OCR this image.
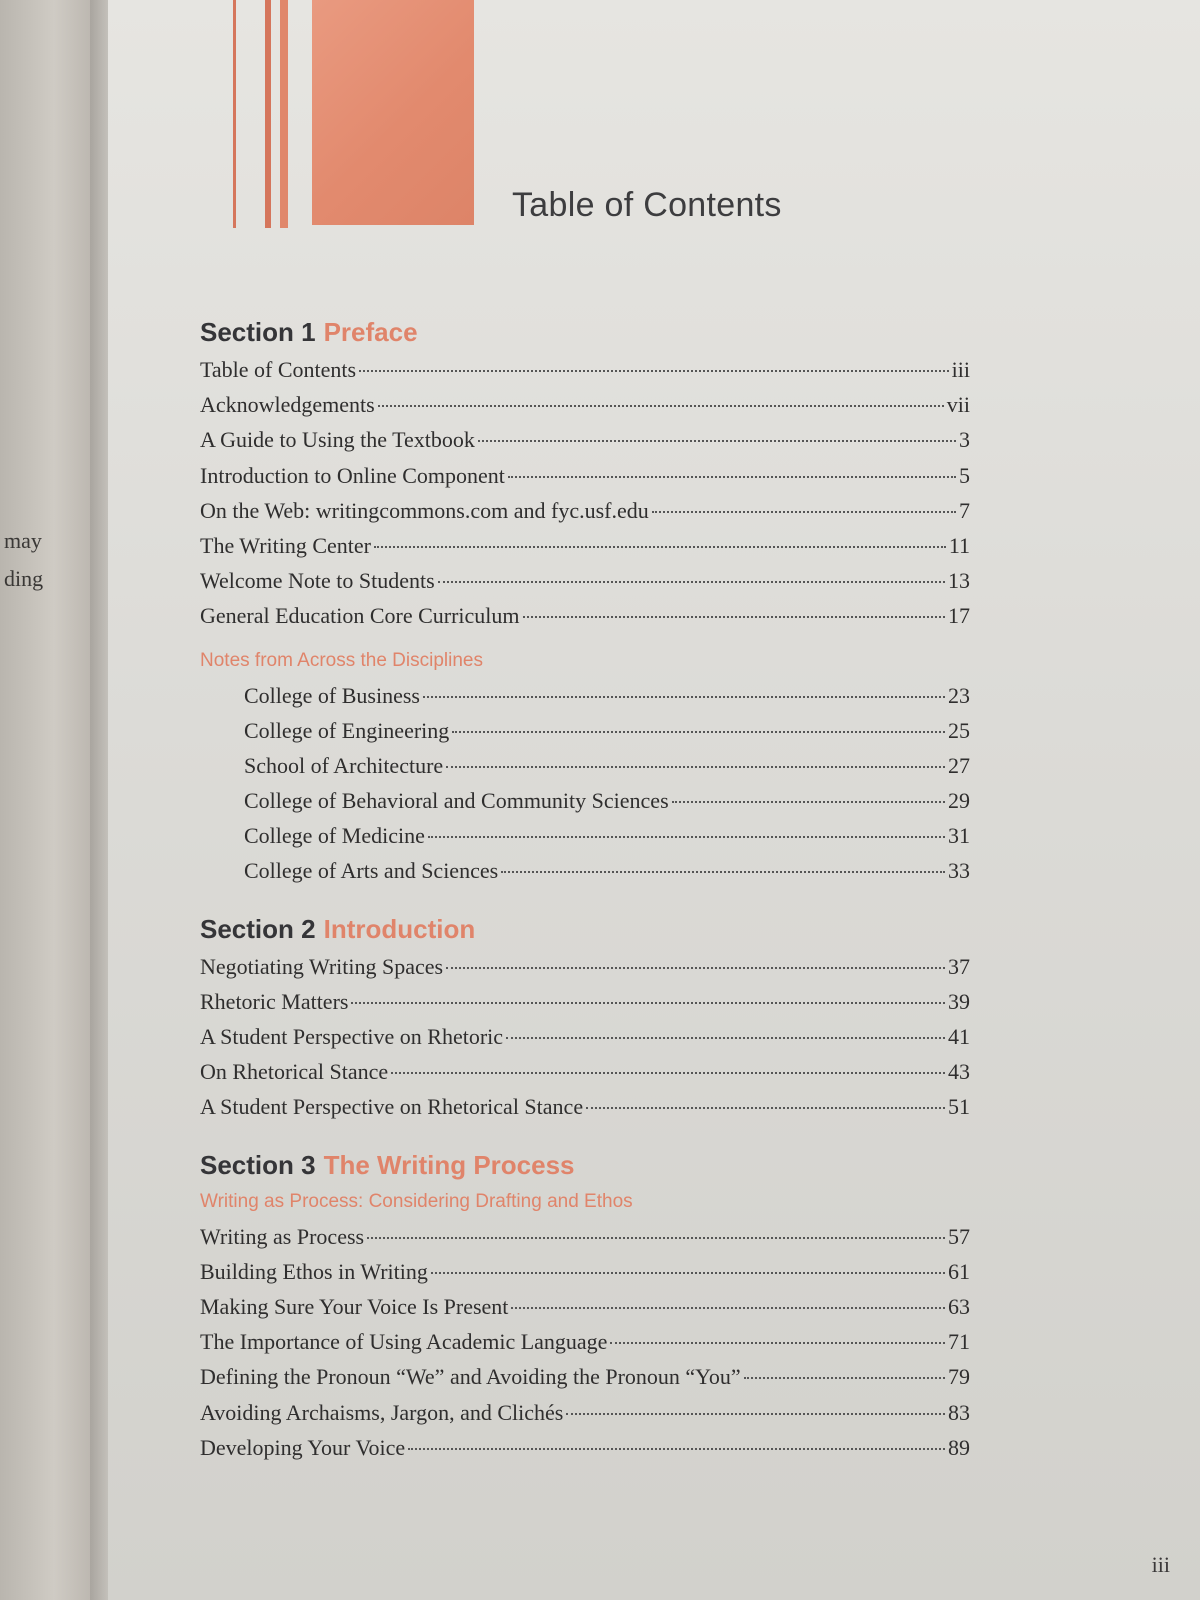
may
ding
Table of Contents
Section 1 Preface
Table of Contents	iii
Acknowledgements	vii
A Guide to Using the Textbook	3
Introduction to Online Component	5
On the Web: writingcommons.com and fyc.usf.edu	7
The Writing Center	11
Welcome Note to Students	13
General Education Core Curriculum	17
Notes from Across the Disciplines
College of Business	23
College of Engineering	25
School of Architecture	27
College of Behavioral and Community Sciences	29
College of Medicine	31
College of Arts and Sciences	33
Section 2 Introduction
Negotiating Writing Spaces	37
Rhetoric Matters	39
A Student Perspective on Rhetoric	41
On Rhetorical Stance	43
A Student Perspective on Rhetorical Stance	51
Section 3 The Writing Process
Writing as Process: Considering Drafting and Ethos
Writing as Process	57
Building Ethos in Writing	61
Making Sure Your Voice Is Present	63
The Importance of Using Academic Language	71
Defining the Pronoun “We” and Avoiding the Pronoun “You”	79
Avoiding Archaisms, Jargon, and Clichés	83
Developing Your Voice	89
iii
